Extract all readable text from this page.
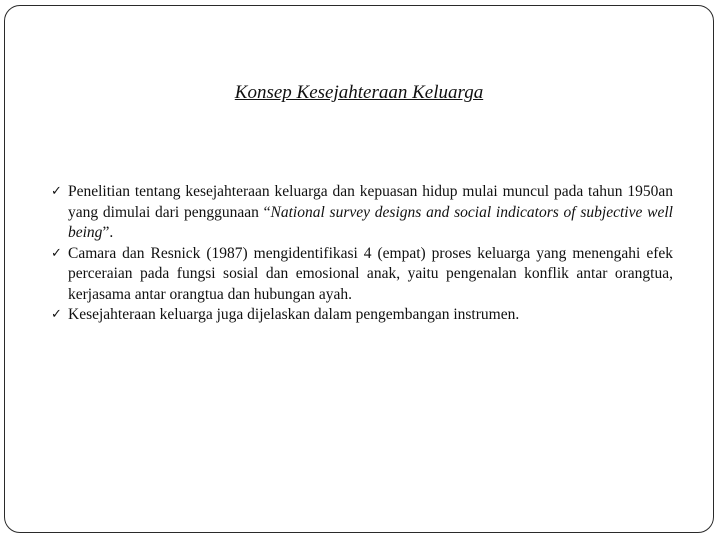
Konsep Kesejahteraan Keluarga
✓ Penelitian tentang kesejahteraan keluarga dan kepuasan hidup mulai muncul pada tahun 1950an yang dimulai dari penggunaan “National survey designs and social indicators of subjective well being”.
✓ Camara dan Resnick (1987) mengidentifikasi 4 (empat) proses keluarga yang menengahi efek perceraian pada fungsi sosial dan emosional anak, yaitu pengenalan konflik antar orangtua, kerjasama antar orangtua dan hubungan ayah.
✓ Kesejahteraan keluarga juga dijelaskan dalam pengembangan instrumen.
